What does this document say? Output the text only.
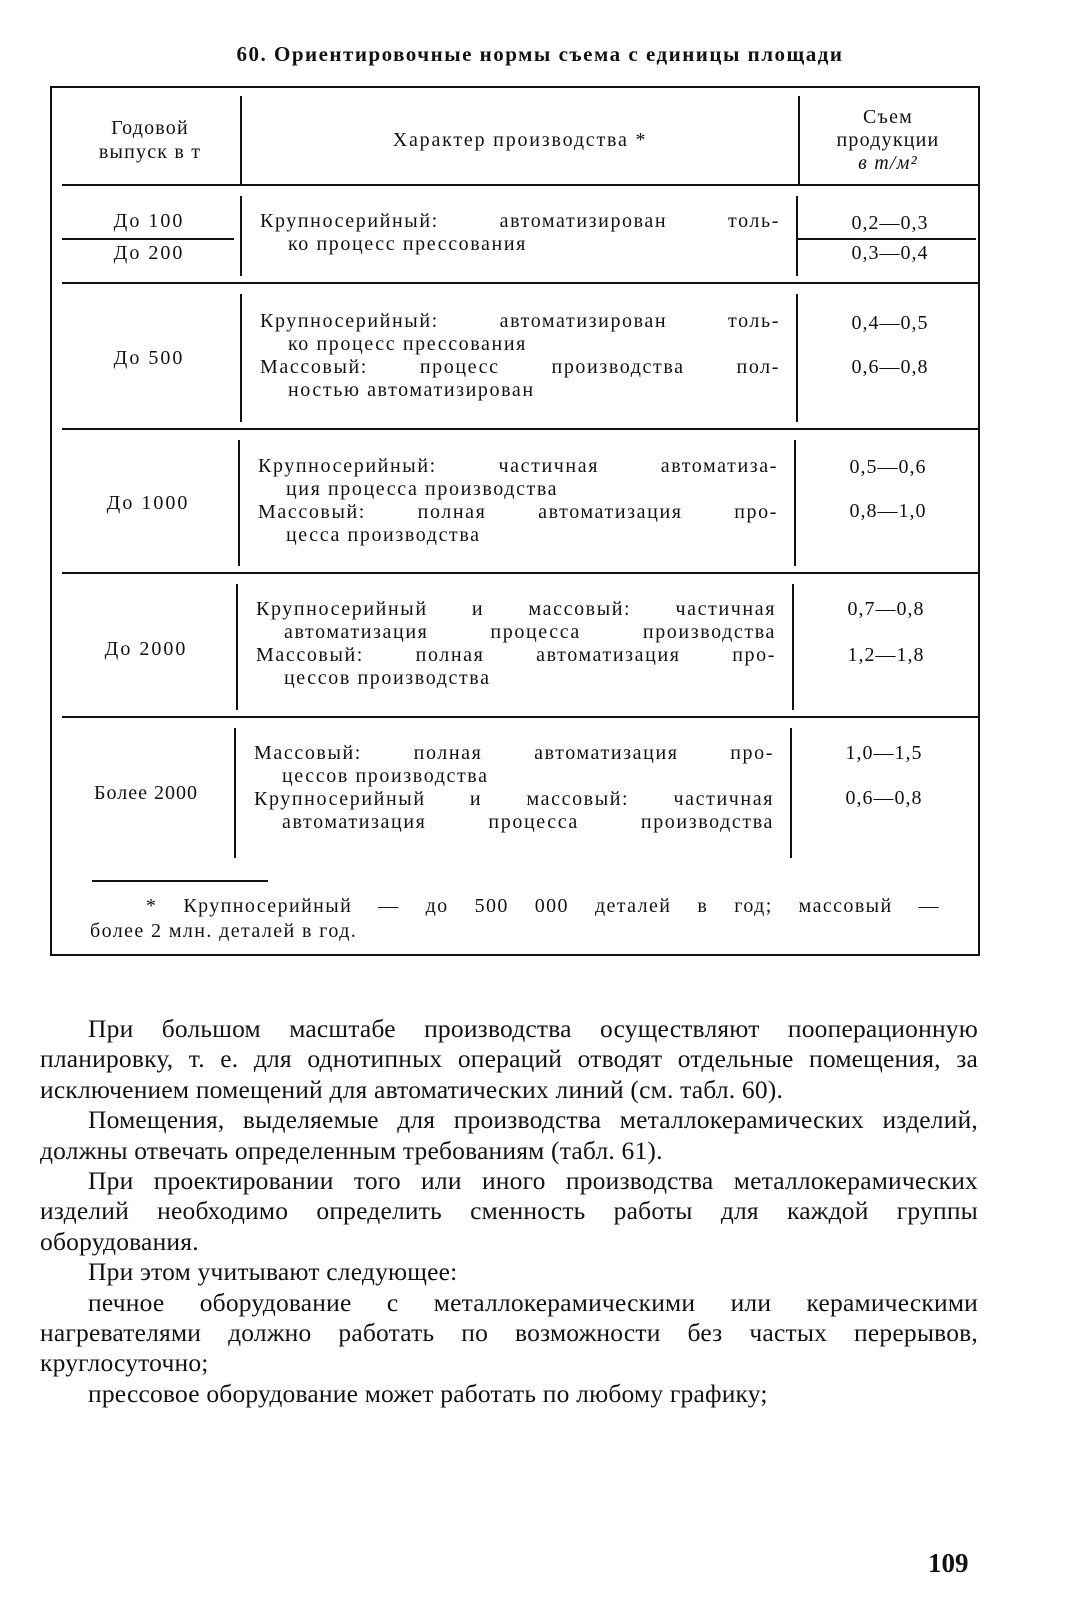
60. Ориентировочные нормы съема с единицы площади
Годовой
выпуск в т
Характер производства *
Съем
продукции
в т/м²
До 100
До 200
Крупносерийный: автоматизирован толь-
ко процесс прессования
0,2—0,3
0,3—0,4
До 500
Крупносерийный: автоматизирован толь-
ко процесс прессования
Массовый: процесс производства пол-
ностью автоматизирован
0,4—0,5
0,6—0,8
До 1000
Крупносерийный: частичная автоматиза-
ция процесса производства
Массовый: полная автоматизация про-
цесса производства
0,5—0,6
0,8—1,0
До 2000
Крупносерийный и массовый: частичная
автоматизация процесса производства
Массовый: полная автоматизация про-
цессов производства
0,7—0,8
1,2—1,8
Более 2000
Массовый: полная автоматизация про-
цессов производства
Крупносерийный и массовый: частичная
автоматизация процесса производства
1,0—1,5
0,6—0,8
* Крупносерийный — до 500 000 деталей в год; массовый —
более 2 млн. деталей в год.

При большом масштабе производства осуществляют пооперационную планировку, т. е. для однотипных операций отводят отдельные помещения, за исключением помещений для автоматических линий (см. табл. 60).

Помещения, выделяемые для производства металлокерамических изделий, должны отвечать определенным требованиям (табл. 61).

При проектировании того или иного производства металлокерамических изделий необходимо определить сменность работы для каждой группы оборудования.

При этом учитывают следующее:

печное оборудование с металлокерамическими или керамическими нагревателями должно работать по возможности без частых перерывов, круглосуточно;

прессовое оборудование может работать по любому графику;

109
